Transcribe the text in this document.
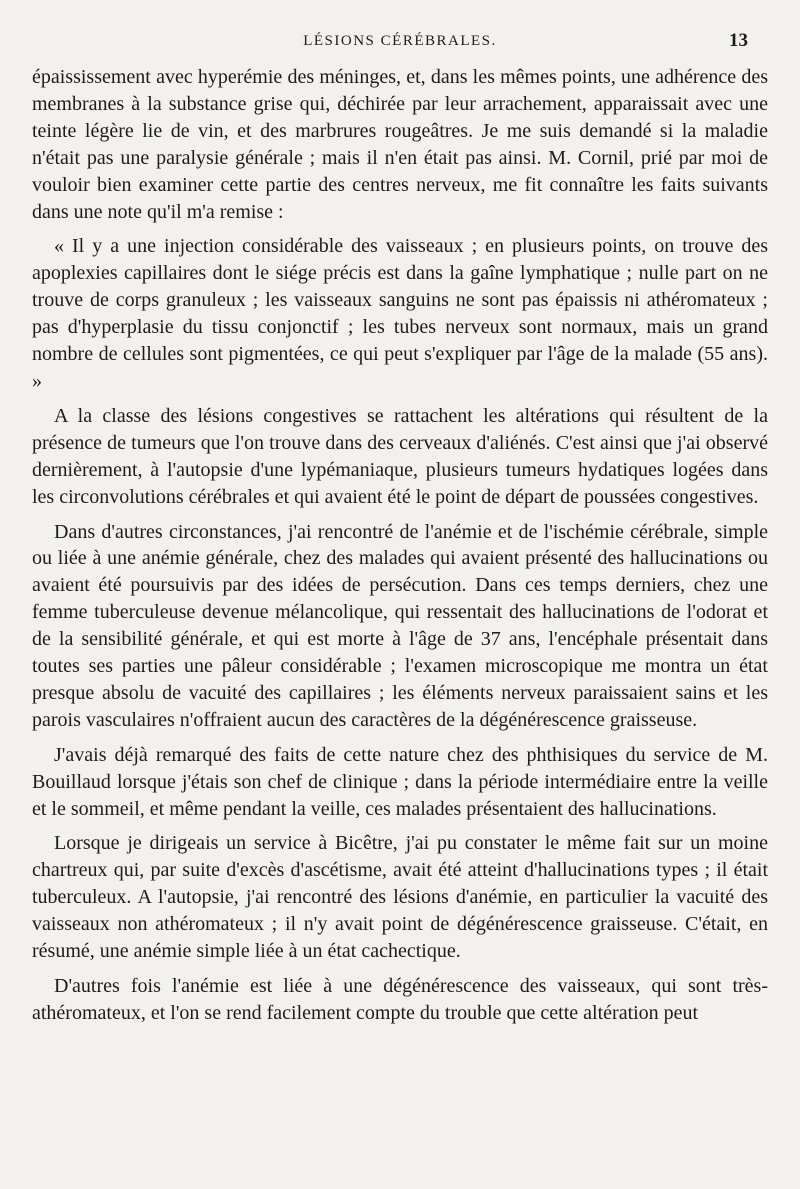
LÉSIONS CÉRÉBRALES.	13

épaississement avec hyperémie des méninges, et, dans les mêmes points, une adhérence des membranes à la substance grise qui, déchirée par leur arrachement, apparaissait avec une teinte légère lie de vin, et des marbrures rougeâtres. Je me suis demandé si la maladie n'était pas une paralysie générale ; mais il n'en était pas ainsi. M. Cornil, prié par moi de vouloir bien examiner cette partie des centres nerveux, me fit connaître les faits suivants dans une note qu'il m'a remise :

« Il y a une injection considérable des vaisseaux ; en plusieurs points, on trouve des apoplexies capillaires dont le siége précis est dans la gaîne lymphatique ; nulle part on ne trouve de corps granuleux ; les vaisseaux sanguins ne sont pas épaissis ni athéromateux ; pas d'hyperplasie du tissu conjonctif ; les tubes nerveux sont normaux, mais un grand nombre de cellules sont pigmentées, ce qui peut s'expliquer par l'âge de la malade (55 ans). »

A la classe des lésions congestives se rattachent les altérations qui résultent de la présence de tumeurs que l'on trouve dans des cerveaux d'aliénés. C'est ainsi que j'ai observé dernièrement, à l'autopsie d'une lypémaniaque, plusieurs tumeurs hydatiques logées dans les circonvolutions cérébrales et qui avaient été le point de départ de poussées congestives.

Dans d'autres circonstances, j'ai rencontré de l'anémie et de l'ischémie cérébrale, simple ou liée à une anémie générale, chez des malades qui avaient présenté des hallucinations ou avaient été poursuivis par des idées de persécution. Dans ces temps derniers, chez une femme tuberculeuse devenue mélancolique, qui ressentait des hallucinations de l'odorat et de la sensibilité générale, et qui est morte à l'âge de 37 ans, l'encéphale présentait dans toutes ses parties une pâleur considérable ; l'examen microscopique me montra un état presque absolu de vacuité des capillaires ; les éléments nerveux paraissaient sains et les parois vasculaires n'offraient aucun des caractères de la dégénérescence graisseuse.

J'avais déjà remarqué des faits de cette nature chez des phthisiques du service de M. Bouillaud lorsque j'étais son chef de clinique ; dans la période intermédiaire entre la veille et le sommeil, et même pendant la veille, ces malades présentaient des hallucinations.

Lorsque je dirigeais un service à Bicêtre, j'ai pu constater le même fait sur un moine chartreux qui, par suite d'excès d'ascétisme, avait été atteint d'hallucinations types ; il était tuberculeux. A l'autopsie, j'ai rencontré des lésions d'anémie, en particulier la vacuité des vaisseaux non athéromateux ; il n'y avait point de dégénérescence graisseuse. C'était, en résumé, une anémie simple liée à un état cachectique.

D'autres fois l'anémie est liée à une dégénérescence des vaisseaux, qui sont très-athéromateux, et l'on se rend facilement compte du trouble que cette altération peut
